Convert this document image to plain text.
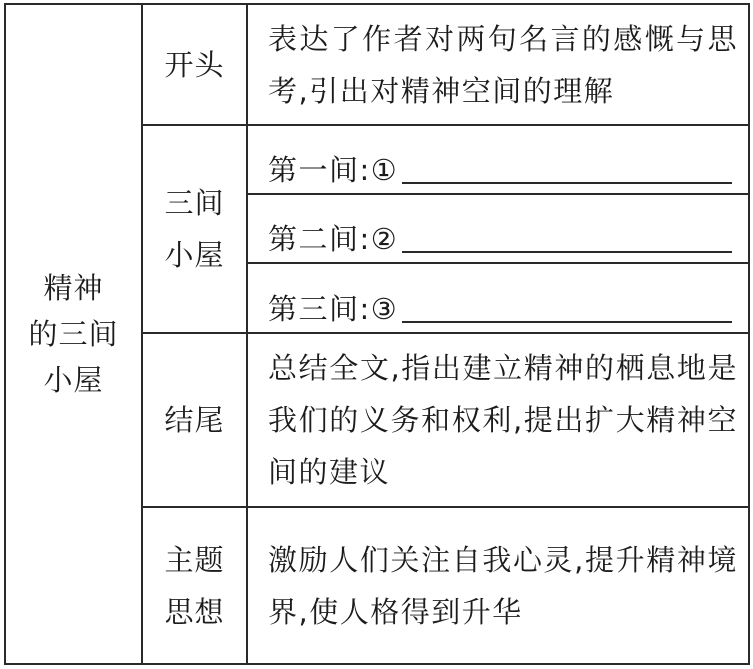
精神
的三间
小屋	开头	表达了作者对两句名言的感慨与思考,引出对精神空间的理解

	三间
小屋	第一间:①

		第二间:②

		第三间:③

	结尾	总结全文,指出建立精神的栖息地是我们的义务和权利,提出扩大精神空间的建议

	主题
思想	激励人们关注自我心灵,提升精神境界,使人格得到升华
